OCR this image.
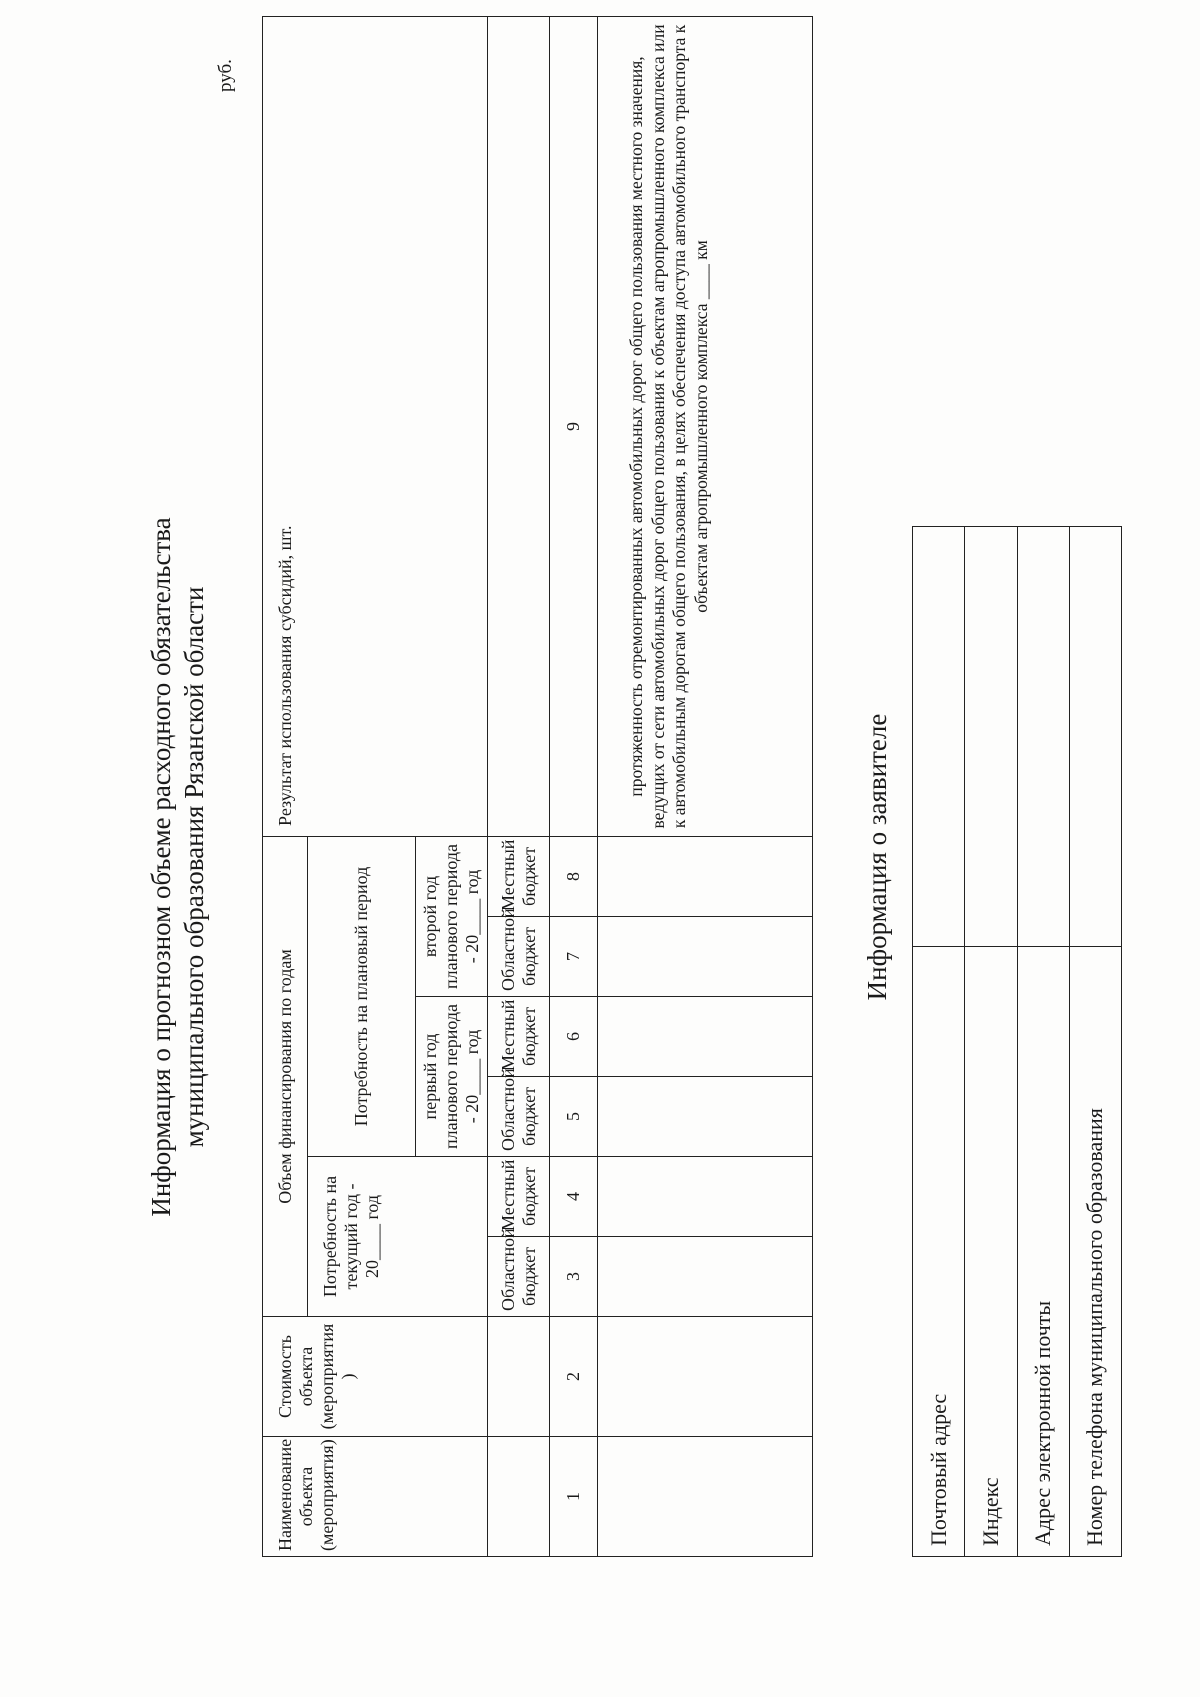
Информация о прогнозном объеме расходного обязательства муниципального образования Рязанской области
руб.
Наименование объекта (мероприятия)	Стоимость объекта (мероприятия )	Объем финансирования по годам						Результат использования субсидий, шт.
		Потребность на текущий год - 20____ год		Потребность на плановый период				
				первый год планового периода - 20____ год		второй год планового периода - 20____ год		
		Областной бюджет	Местный бюджет	Областной бюджет	Местный бюджет	Областной бюджет	Местный бюджет	
1	2	3	4	5	6	7	8	9
								протяженность отремонтированных автомобильных дорог общего пользования местного значения, ведущих от сети автомобильных дорог общего пользования к объектам агропромышленного комплекса или к автомобильным дорогам общего пользования, в целях обеспечения доступа автомобильного транспорта к объектам агропромышленного комплекса ____ км
Информация о заявителе
Почтовый адрес	
Индекс	
Адрес электронной почты	
Номер телефона муниципального образования	
